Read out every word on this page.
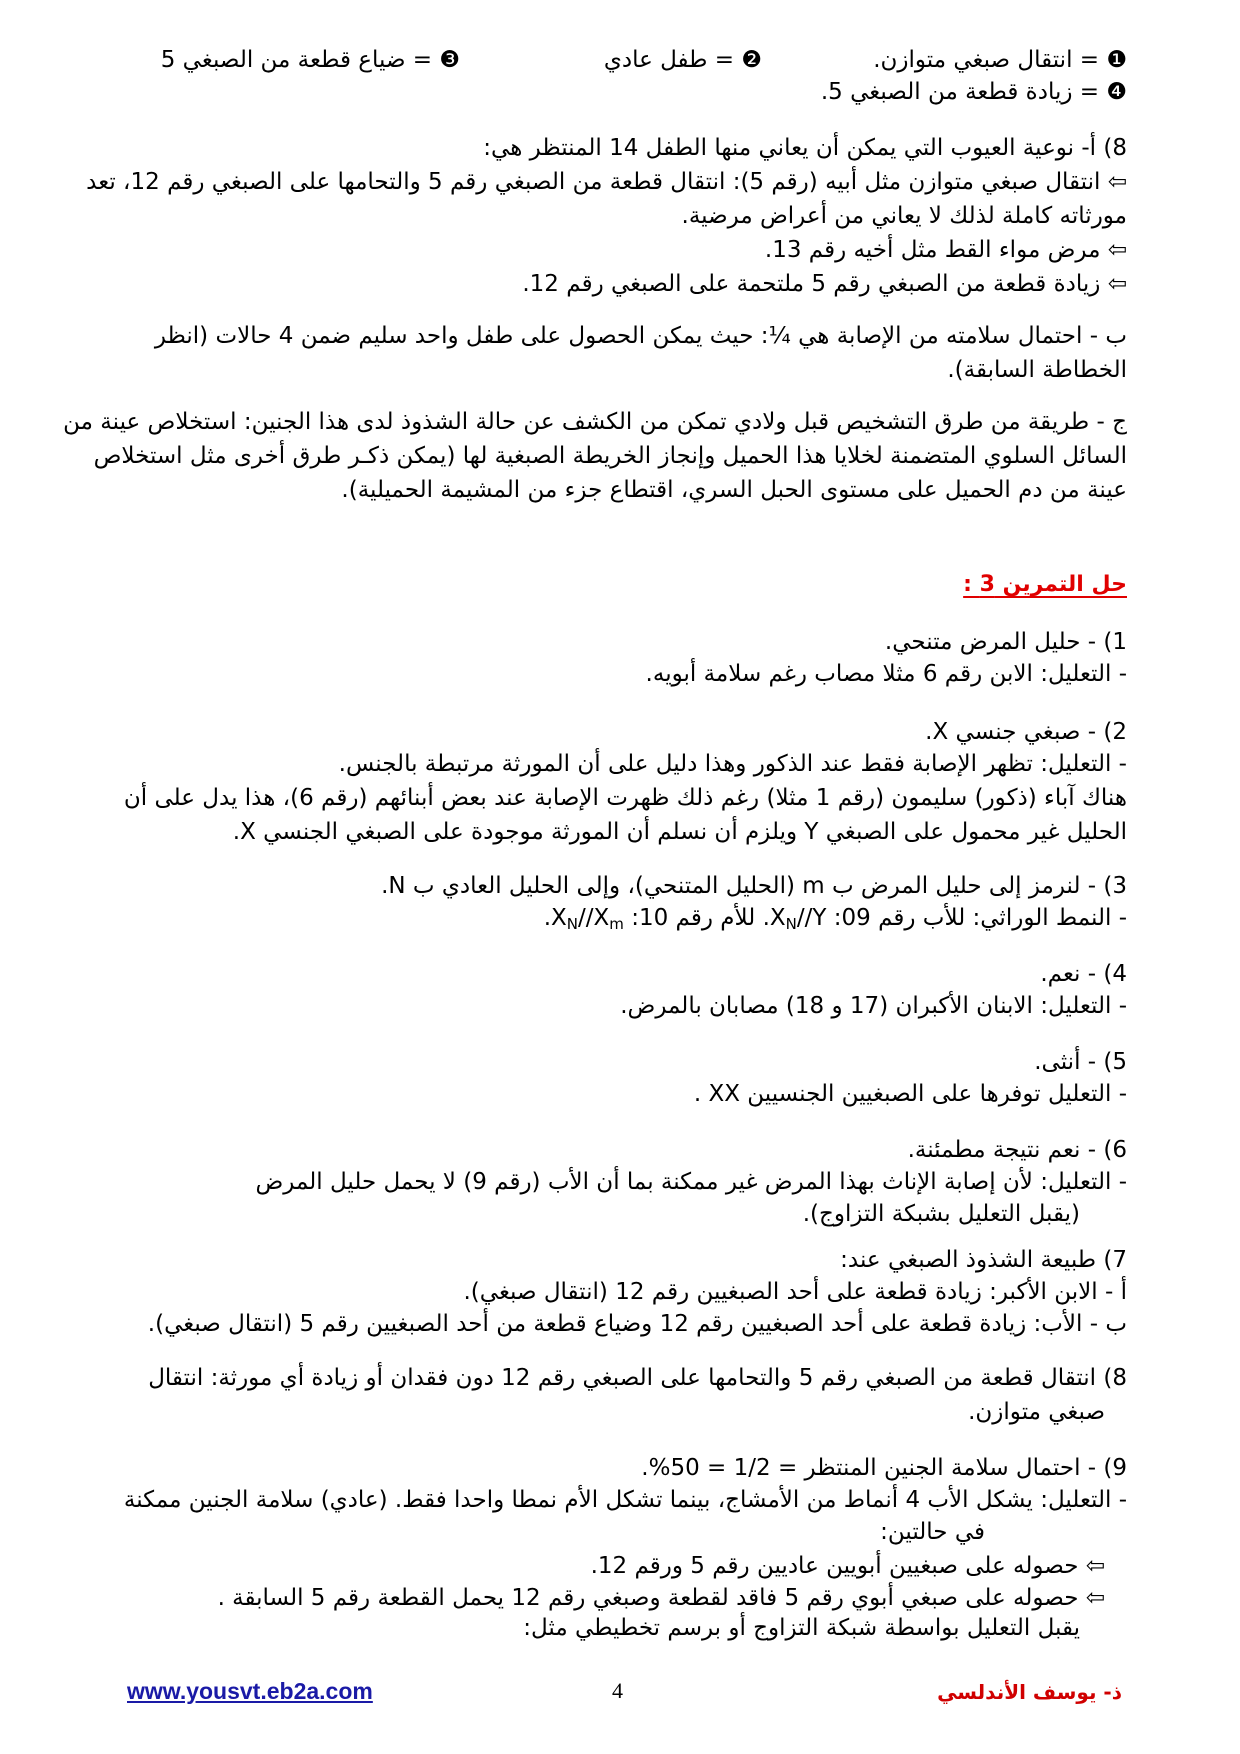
❶ = انتقال صبغي متوازن.
❷ = طفل عادي
❸ = ضياع قطعة من الصبغي 5
❹ = زيادة قطعة من الصبغي 5.
8) أ- نوعية العيوب التي يمكن أن يعاني منها الطفل 14 المنتظر هي:
⇦ انتقال صبغي متوازن مثل أبيه (رقم 5): انتقال قطعة من الصبغي رقم 5 والتحامها على الصبغي رقم 12، تعد
مورثاته كاملة لذلك لا يعاني من أعراض مرضية.
⇦ مرض مواء القط مثل أخيه رقم 13.
⇦ زيادة قطعة من الصبغي رقم 5 ملتحمة على الصبغي رقم 12.
ب - احتمال سلامته من الإصابة هي ¼: حيث يمكن الحصول على طفل واحد سليم ضمن 4 حالات (انظر
الخطاطة السابقة).
ج - طريقة من طرق التشخيص قبل ولادي تمكن من الكشف عن حالة الشذوذ لدى هذا الجنين: استخلاص عينة من
السائل السلوي المتضمنة لخلايا هذا الحميل وإنجاز الخريطة الصبغية لها (يمكن ذكـر طرق أخرى مثل استخلاص
عينة من دم الحميل على مستوى الحبل السري، اقتطاع جزء من المشيمة الحميلية).
حل التمرين 3 :
1) - حليل المرض متنحي.
- التعليل: الابن رقم 6 مثلا مصاب رغم سلامة أبويه.
2) - صبغي جنسي X.
- التعليل: تظهر الإصابة فقط عند الذكور وهذا دليل على أن المورثة مرتبطة بالجنس.
هناك آباء (ذكور) سليمون (رقم 1 مثلا) رغم ذلك ظهرت الإصابة عند بعض أبنائهم (رقم 6)، هذا يدل على أن
الحليل غير محمول على الصبغي Y ويلزم أن نسلم أن المورثة موجودة على الصبغي الجنسي X.
3) - لنرمز إلى حليل المرض ب m (الحليل المتنحي)، وإلى الحليل العادي ب N.
- النمط الوراثي: للأب رقم 09: $X_N//Y$. للأم رقم 10: $X_N//X_m$.
4) - نعم.
- التعليل: الابنان الأكبران (17 و 18) مصابان بالمرض.
5) - أنثى.
- التعليل توفرها على الصبغيين الجنسيين XX .
6) - نعم نتيجة مطمئنة.
- التعليل: لأن إصابة الإناث بهذا المرض غير ممكنة بما أن الأب (رقم 9) لا يحمل حليل المرض
(يقبل التعليل بشبكة التزاوج).
7) طبيعة الشذوذ الصبغي عند:
أ - الابن الأكبر: زيادة قطعة على أحد الصبغيين رقم 12 (انتقال صبغي).
ب - الأب: زيادة قطعة على أحد الصبغيين رقم 12 وضياع قطعة من أحد الصبغيين رقم 5 (انتقال صبغي).
8) انتقال قطعة من الصبغي رقم 5 والتحامها على الصبغي رقم 12 دون فقدان أو زيادة أي مورثة: انتقال
صبغي متوازن.
9) - احتمال سلامة الجنين المنتظر = 1/2 = 50%.
- التعليل: يشكل الأب 4 أنماط من الأمشاج، بينما تشكل الأم نمطا واحدا فقط. (عادي) سلامة الجنين ممكنة
في حالتين:
⇦ حصوله على صبغيين أبويين عاديين رقم 5 ورقم 12.
⇦ حصوله على صبغي أبوي رقم 5 فاقد لقطعة وصبغي رقم 12 يحمل القطعة رقم 5 السابقة .
يقبل التعليل بواسطة شبكة التزاوج أو برسم تخطيطي مثل:
www.yousvt.eb2a.com	4	ذ- يوسف الأندلسي
